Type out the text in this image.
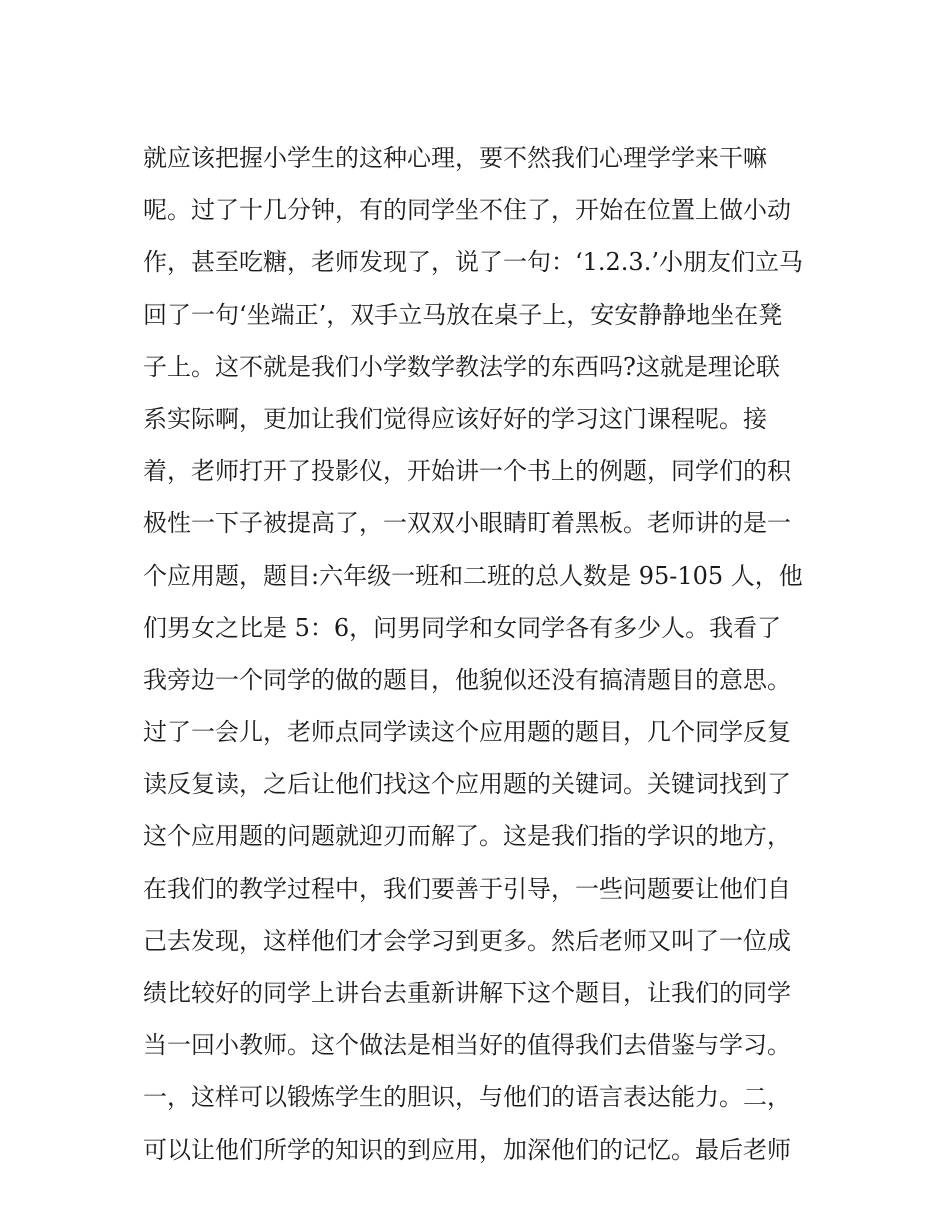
就应该把握小学生的这种心理，要不然我们心理学学来干嘛
呢。过了十几分钟，有的同学坐不住了，开始在位置上做小动
作，甚至吃糖，老师发现了，说了一句：‘1.2.3.’小朋友们立马
回了一句‘坐端正’，双手立马放在桌子上，安安静静地坐在凳
子上。这不就是我们小学数学教法学的东西吗?这就是理论联
系实际啊，更加让我们觉得应该好好的学习这门课程呢。接
着，老师打开了投影仪，开始讲一个书上的例题，同学们的积
极性一下子被提高了，一双双小眼睛盯着黑板。老师讲的是一
个应用题，题目:六年级一班和二班的总人数是 95-105 人，他
们男女之比是 5：6，问男同学和女同学各有多少人。我看了
我旁边一个同学的做的题目，他貌似还没有搞清题目的意思。
过了一会儿，老师点同学读这个应用题的题目，几个同学反复
读反复读，之后让他们找这个应用题的关键词。关键词找到了
这个应用题的问题就迎刃而解了。这是我们指的学识的地方，
在我们的教学过程中，我们要善于引导，一些问题要让他们自
己去发现，这样他们才会学习到更多。然后老师又叫了一位成
绩比较好的同学上讲台去重新讲解下这个题目，让我们的同学
当一回小教师。这个做法是相当好的值得我们去借鉴与学习。
一，这样可以锻炼学生的胆识，与他们的语言表达能力。二，
可以让他们所学的知识的到应用，加深他们的记忆。最后老师
